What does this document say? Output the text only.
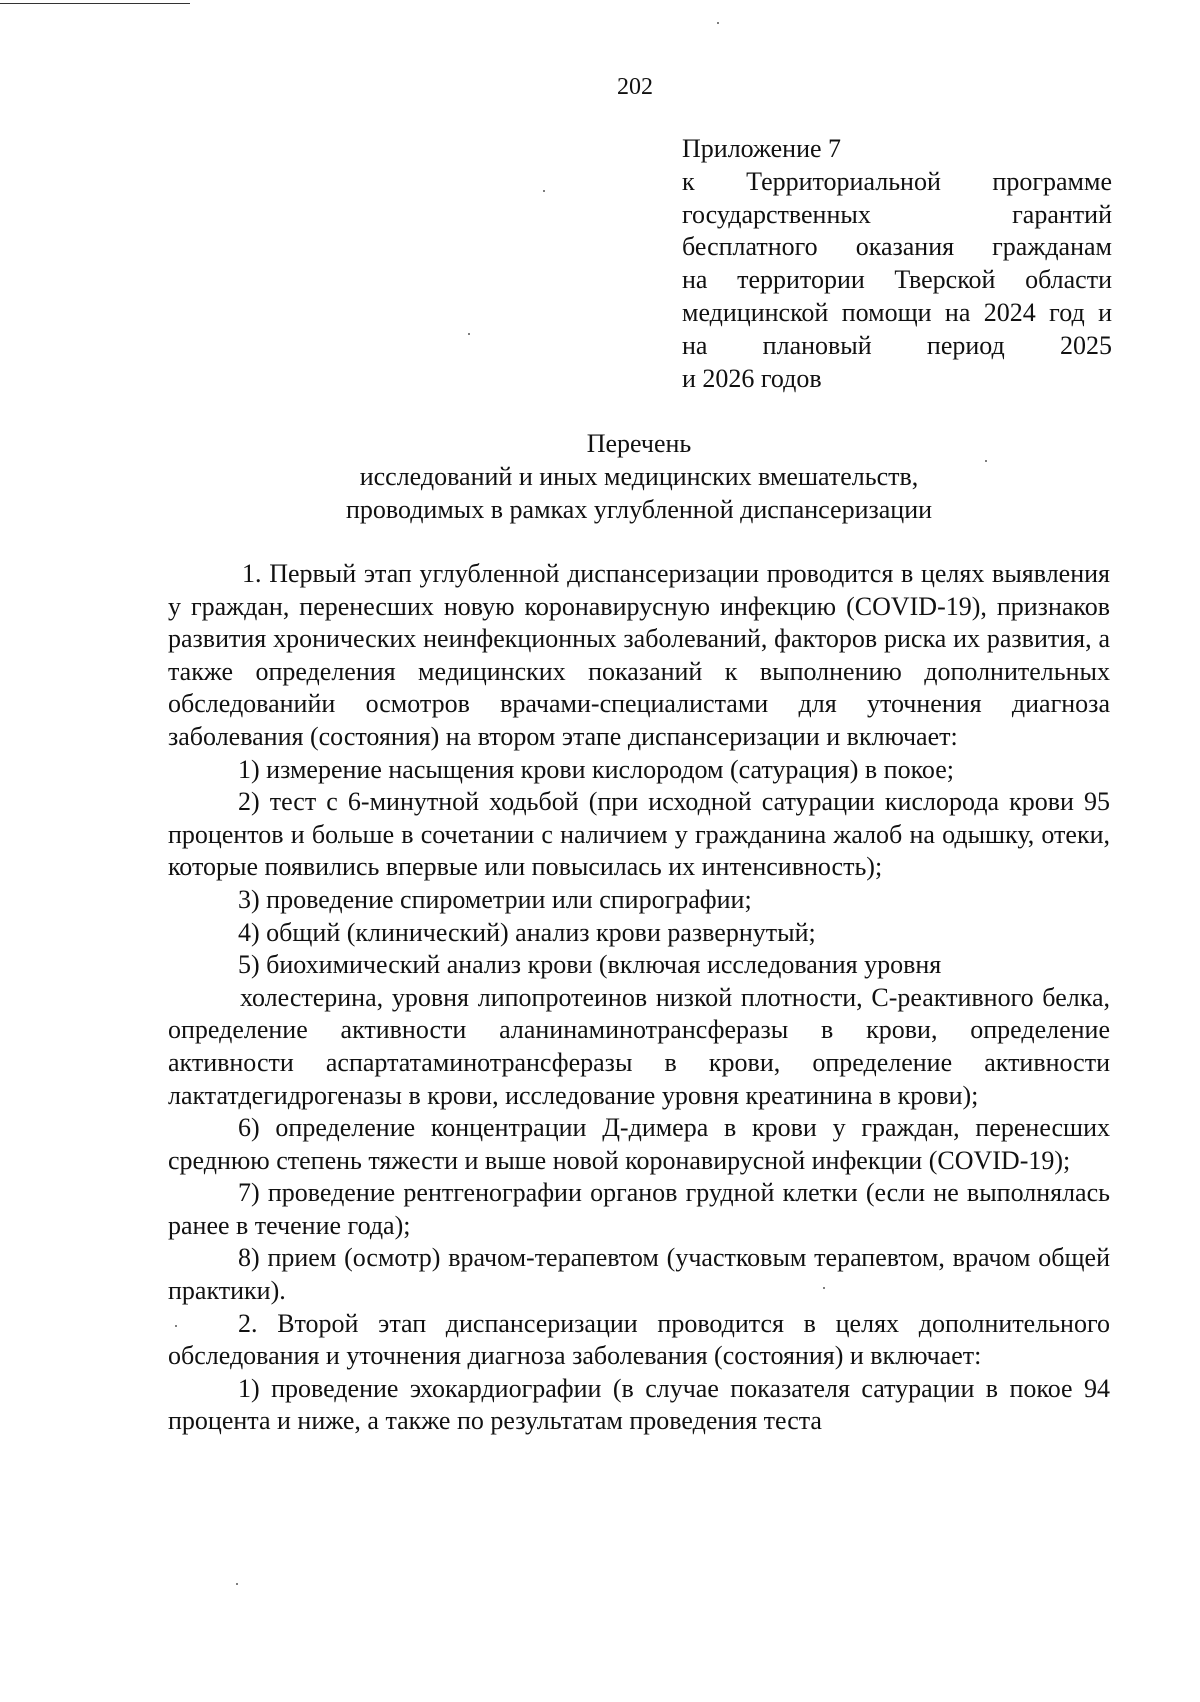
202

Приложение 7

к Территориальной программе

государственных гарантий

бесплатного оказания гражданам

на территории Тверской области

медицинской помощи на 2024 год и

на плановый период 2025

и 2026 годов

Перечень

исследований и иных медицинских вмешательств,

проводимых в рамках углубленной диспансеризации

1. Первый этап углубленной диспансеризации проводится в целях выявления у граждан, перенесших новую коронавирусную инфекцию (COVID-19), признаков развития хронических неинфекционных заболеваний, факторов риска их развития, а также определения медицинских показаний к выполнению дополнительных обследованийи осмотров врачами-специалистами для уточнения диагноза заболевания (состояния) на втором этапе диспансеризации и включает:

1) измерение насыщения крови кислородом (сатурация) в покое;

2) тест с 6-минутной ходьбой (при исходной сатурации кислорода крови 95 процентов и больше в сочетании с наличием у гражданина жалоб на одышку, отеки, которые появились впервые или повысилась их интенсивность);

3) проведение спирометрии или спирографии;

4) общий (клинический) анализ крови развернутый;

5) биохимический анализ крови (включая исследования уровня

холестерина, уровня липопротеинов низкой плотности, С-реактивного белка, определение активности аланинаминотрансферазы в крови, определение активности аспартатаминотрансферазы в крови, определение активности лактатдегидрогеназы в крови, исследование уровня креатинина в крови);

6) определение концентрации Д-димера в крови у граждан, перенесших среднюю степень тяжести и выше новой коронавирусной инфекции (COVID-19);

7) проведение рентгенографии органов грудной клетки (если не выполнялась ранее в течение года);

8) прием (осмотр) врачом-терапевтом (участковым терапевтом, врачом общей практики).

2. Второй этап диспансеризации проводится в целях дополнительного обследования и уточнения диагноза заболевания (состояния) и включает:

1) проведение эхокардиографии (в случае показателя сатурации в покое 94 процента и ниже, а также по результатам проведения теста
